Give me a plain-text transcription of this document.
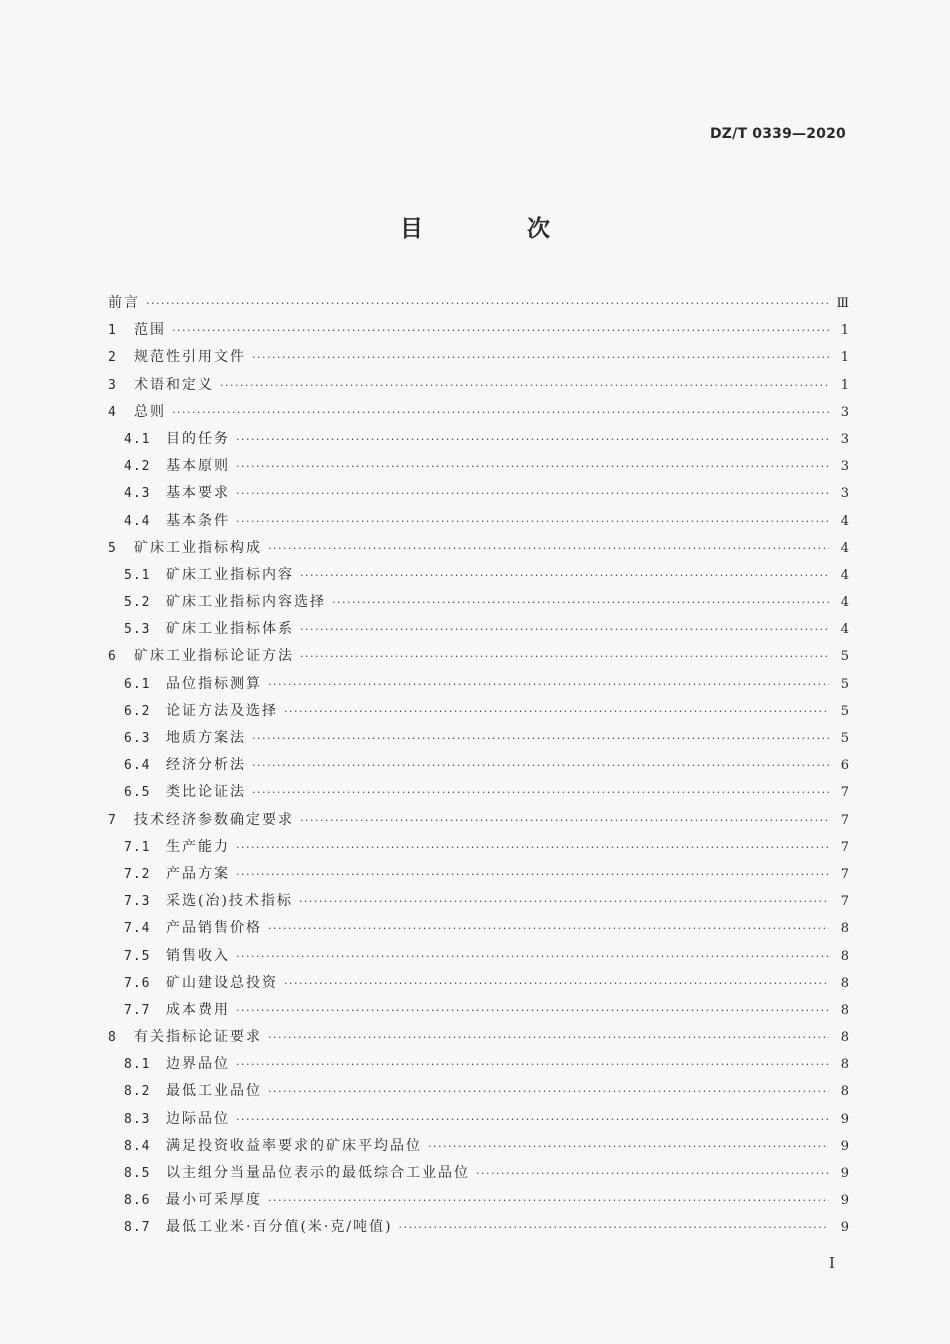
DZ/T 0339—2020
目 次
前言 ·····	Ⅲ
1	范围 ·····	1
2	规范性引用文件 ·····	1
3	术语和定义 ·····	1
4	总则 ·····	3
4.1	目的任务 ·····	3
4.2	基本原则 ·····	3
4.3	基本要求 ·····	3
4.4	基本条件 ·····	4
5	矿床工业指标构成 ·····	4
5.1	矿床工业指标内容 ·····	4
5.2	矿床工业指标内容选择 ·····	4
5.3	矿床工业指标体系 ·····	4
6	矿床工业指标论证方法 ·····	5
6.1	品位指标测算 ·····	5
6.2	论证方法及选择 ·····	5
6.3	地质方案法 ·····	5
6.4	经济分析法 ·····	6
6.5	类比论证法 ·····	7
7	技术经济参数确定要求 ·····	7
7.1	生产能力 ·····	7
7.2	产品方案 ·····	7
7.3	采选(冶)技术指标 ·····	7
7.4	产品销售价格 ·····	8
7.5	销售收入 ·····	8
7.6	矿山建设总投资 ·····	8
7.7	成本费用 ·····	8
8	有关指标论证要求 ·····	8
8.1	边界品位 ·····	8
8.2	最低工业品位 ·····	8
8.3	边际品位 ·····	9
8.4	满足投资收益率要求的矿床平均品位 ·····	9
8.5	以主组分当量品位表示的最低综合工业品位 ·····	9
8.6	最小可采厚度 ·····	9
8.7	最低工业米·百分值(米·克/吨值) ·····	9
I
